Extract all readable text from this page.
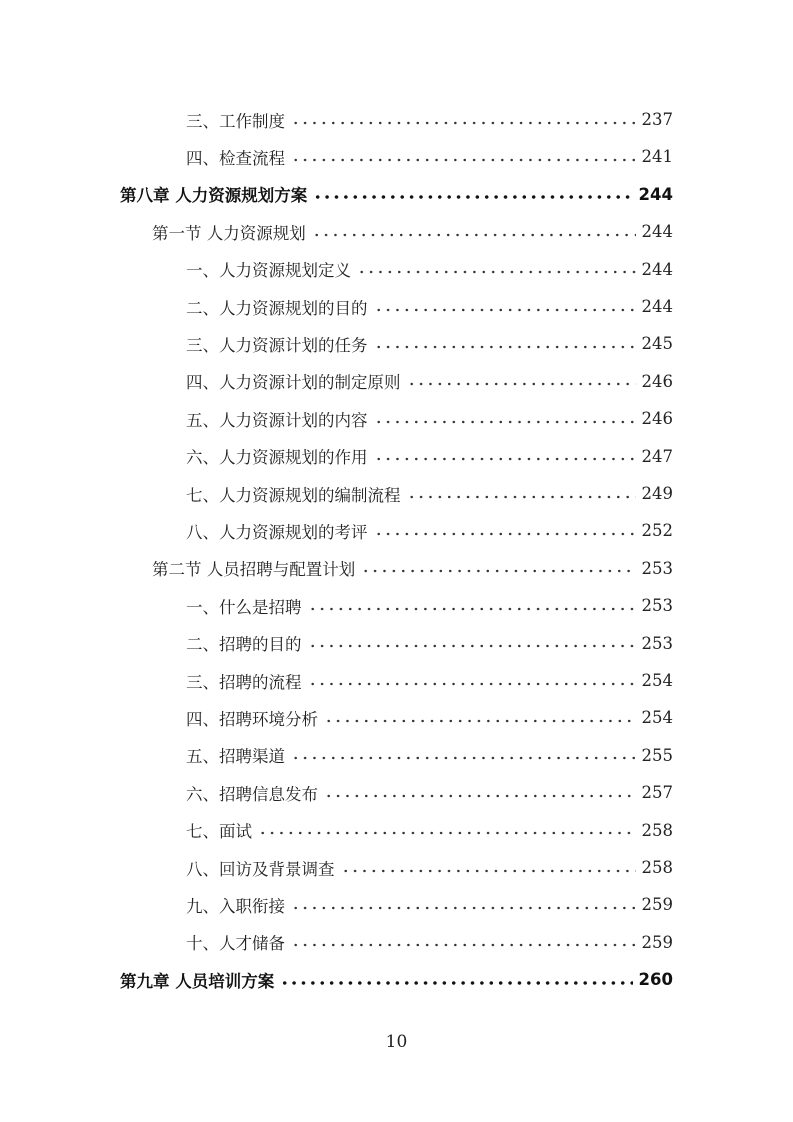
三、工作制度	237
四、检查流程	241
第八章 人力资源规划方案	244
第一节 人力资源规划	244
一、人力资源规划定义	244
二、人力资源规划的目的	244
三、人力资源计划的任务	245
四、人力资源计划的制定原则	246
五、人力资源计划的内容	246
六、人力资源规划的作用	247
七、人力资源规划的编制流程	249
八、人力资源规划的考评	252
第二节 人员招聘与配置计划	253
一、什么是招聘	253
二、招聘的目的	253
三、招聘的流程	254
四、招聘环境分析	254
五、招聘渠道	255
六、招聘信息发布	257
七、面试	258
八、回访及背景调查	258
九、入职衔接	259
十、人才储备	259
第九章 人员培训方案	260
10
